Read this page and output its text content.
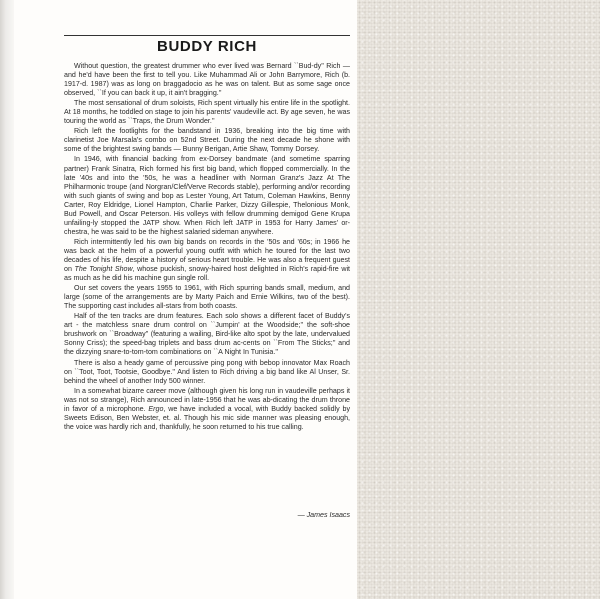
BUDDY RICH

Without question, the greatest drummer who ever lived was Bernard ``Bud-dy'' Rich — and he'd have been the first to tell you. Like Muhammad Ali or John Barrymore, Rich (b. 1917-d. 1987) was as long on braggadocio as he was on talent. But as some sage once observed, ``If you can back it up, it ain't bragging.''

The most sensational of drum soloists, Rich spent virtually his entire life in the spotlight. At 18 months, he toddled on stage to join his parents' vaudeville act. By age seven, he was touring the world as ``Traps, the Drum Wonder.''

Rich left the footlights for the bandstand in 1936, breaking into the big time with clarinetist Joe Marsala's combo on 52nd Street. During the next decade he shone with some of the brightest swing bands — Bunny Berigan, Artie Shaw, Tommy Dorsey.

In 1946, with financial backing from ex-Dorsey bandmate (and sometime sparring partner) Frank Sinatra, Rich formed his first big band, which flopped commercially. In the late '40s and into the '50s, he was a headliner with Norman Granz's Jazz At The Philharmonic troupe (and Norgran/Clef/Verve Records stable), performing and/or recording with such giants of swing and bop as Lester Young, Art Tatum, Coleman Hawkins, Benny Carter, Roy Eldridge, Lionel Hampton, Charlie Parker, Dizzy Gillespie, Thelonious Monk, Bud Powell, and Oscar Peterson. His volleys with fellow drumming demigod Gene Krupa unfailing-ly stopped the JATP show. When Rich left JATP in 1953 for Harry James' or-chestra, he was said to be the highest salaried sideman anywhere.

Rich intermittently led his own big bands on records in the '50s and '60s; in 1966 he was back at the helm of a powerful young outfit with which he toured for the last two decades of his life, despite a history of serious heart trouble. He was also a frequent guest on The Tonight Show, whose puckish, snowy-haired host delighted in Rich's rapid-fire wit as much as he did his machine gun single roll.

Our set covers the years 1955 to 1961, with Rich spurring bands small, medium, and large (some of the arrangements are by Marty Paich and Ernie Wilkins, two of the best). The supporting cast includes all-stars from both coasts.

Half of the ten tracks are drum features. Each solo shows a different facet of Buddy's art - the matchless snare drum control on ``Jumpin' at the Woodside;'' the soft-shoe brushwork on ``Broadway'' (featuring a wailing, Bird-like alto spot by the late, undervalued Sonny Criss); the speed-bag triplets and bass drum ac-cents on ``From The Sticks;'' and the dizzying snare-to-tom-tom combinations on ``A Night In Tunisia.''

There is also a heady game of percussive ping pong with bebop innovator Max Roach on ``Toot, Toot, Tootsie, Goodbye.'' And listen to Rich driving a big band like Al Unser, Sr. behind the wheel of another Indy 500 winner.

In a somewhat bizarre career move (although given his long run in vaudeville perhaps it was not so strange), Rich announced in late-1956 that he was ab-dicating the drum throne in favor of a microphone. Ergo, we have included a vocal, with Buddy backed solidly by Sweets Edison, Ben Webster, et. al. Though his mic side manner was pleasing enough, the voice was hardly rich and, thankfully, he soon returned to his true calling.

— James Isaacs
